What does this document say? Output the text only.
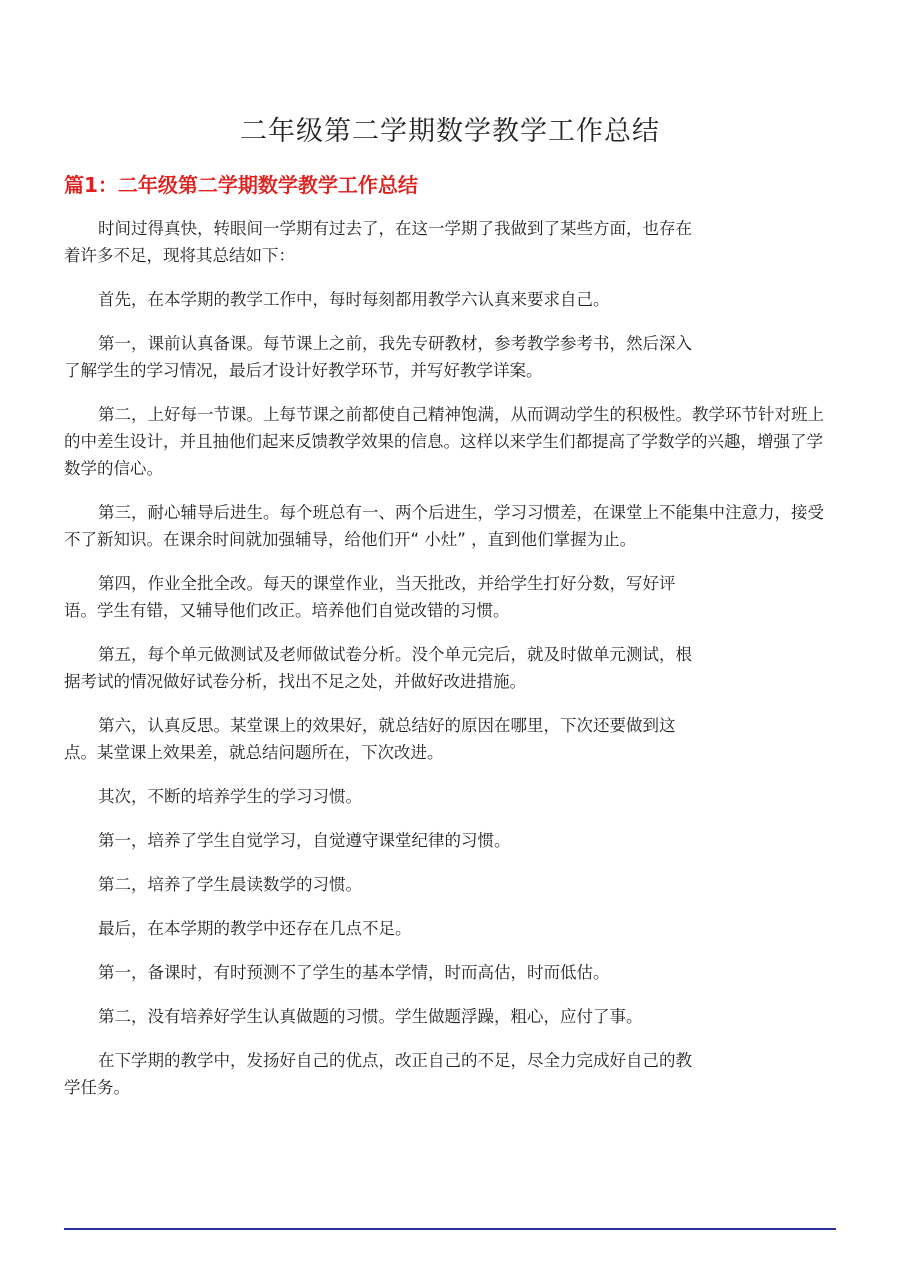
二年级第二学期数学教学工作总结
篇1：二年级第二学期数学教学工作总结

时间过得真快，转眼间一学期有过去了，在这一学期了我做到了某些方面，也存在着许多不足，现将其总结如下：

首先，在本学期的教学工作中，每时每刻都用教学六认真来要求自己。

第一，课前认真备课。每节课上之前，我先专研教材，参考教学参考书，然后深入了解学生的学习情况，最后才设计好教学环节，并写好教学详案。

第二，上好每一节课。上每节课之前都使自己精神饱满，从而调动学生的积极性。教学环节针对班上的中差生设计，并且抽他们起来反馈教学效果的信息。这样以来学生们都提高了学数学的兴趣，增强了学数学的信心。

第三，耐心辅导后进生。每个班总有一、两个后进生，学习习惯差，在课堂上不能集中注意力，接受不了新知识。在课余时间就加强辅导，给他们开“ 小灶” ，直到他们掌握为止。

第四，作业全批全改。每天的课堂作业，当天批改，并给学生打好分数，写好评语。学生有错，又辅导他们改正。培养他们自觉改错的习惯。

第五，每个单元做测试及老师做试卷分析。没个单元完后，就及时做单元测试，根据考试的情况做好试卷分析，找出不足之处，并做好改进措施。

第六，认真反思。某堂课上的效果好，就总结好的原因在哪里，下次还要做到这点。某堂课上效果差，就总结问题所在，下次改进。

其次，不断的培养学生的学习习惯。

第一，培养了学生自觉学习，自觉遵守课堂纪律的习惯。

第二，培养了学生晨读数学的习惯。

最后，在本学期的教学中还存在几点不足。

第一，备课时，有时预测不了学生的基本学情，时而高估，时而低估。

第二，没有培养好学生认真做题的习惯。学生做题浮躁，粗心，应付了事。

在下学期的教学中，发扬好自己的优点，改正自己的不足，尽全力完成好自己的教学任务。
